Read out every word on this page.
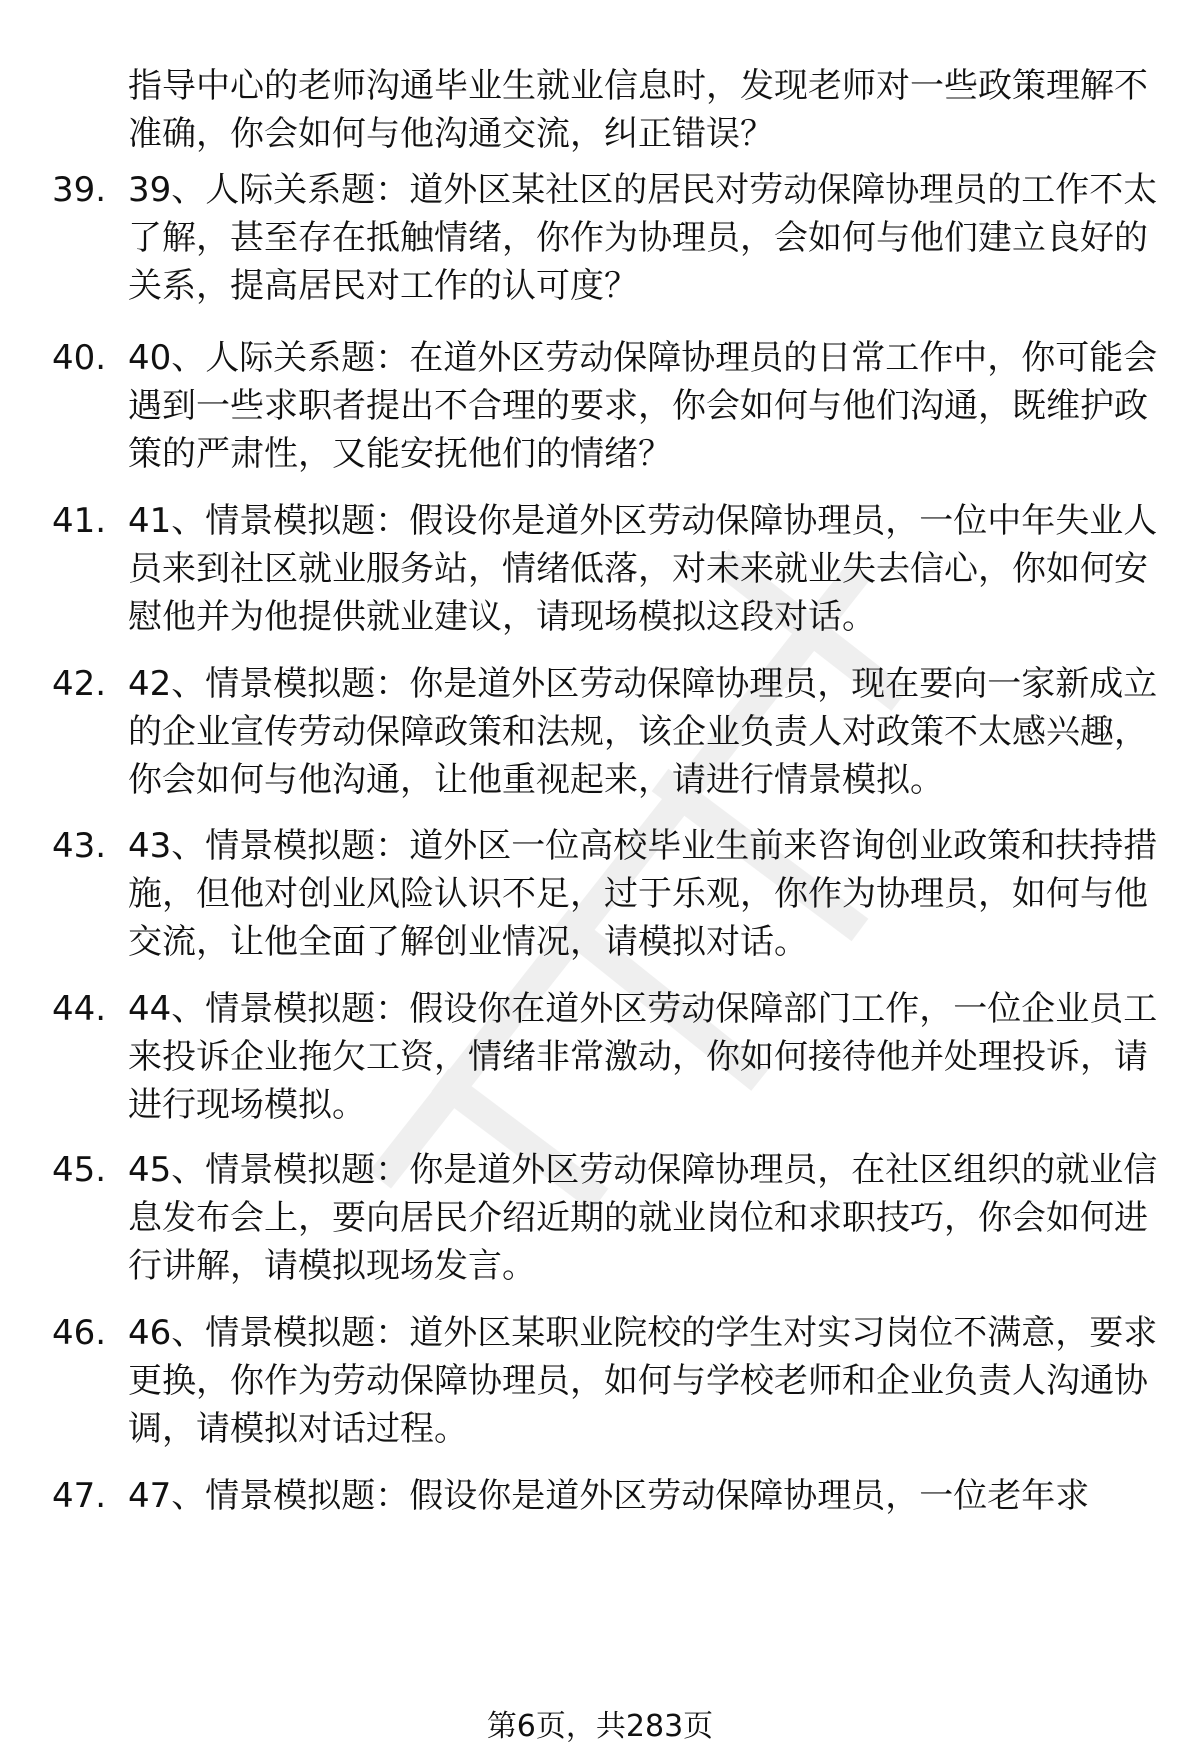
指导中心的老师沟通毕业生就业信息时，发现老师对一些政策理解不准确，你会如何与他沟通交流，纠正错误？
39. 39、人际关系题：道外区某社区的居民对劳动保障协理员的工作不太了解，甚至存在抵触情绪，你作为协理员，会如何与他们建立良好的关系，提高居民对工作的认可度？
40. 40、人际关系题：在道外区劳动保障协理员的日常工作中，你可能会遇到一些求职者提出不合理的要求，你会如何与他们沟通，既维护政策的严肃性，又能安抚他们的情绪？
41. 41、情景模拟题：假设你是道外区劳动保障协理员，一位中年失业人员来到社区就业服务站，情绪低落，对未来就业失去信心，你如何安慰他并为他提供就业建议，请现场模拟这段对话。
42. 42、情景模拟题：你是道外区劳动保障协理员，现在要向一家新成立的企业宣传劳动保障政策和法规，该企业负责人对政策不太感兴趣，你会如何与他沟通，让他重视起来，请进行情景模拟。
43. 43、情景模拟题：道外区一位高校毕业生前来咨询创业政策和扶持措施，但他对创业风险认识不足，过于乐观，你作为协理员，如何与他交流，让他全面了解创业情况，请模拟对话。
44. 44、情景模拟题：假设你在道外区劳动保障部门工作，一位企业员工来投诉企业拖欠工资，情绪非常激动，你如何接待他并处理投诉，请进行现场模拟。
45. 45、情景模拟题：你是道外区劳动保障协理员，在社区组织的就业信息发布会上，要向居民介绍近期的就业岗位和求职技巧，你会如何进行讲解，请模拟现场发言。
46. 46、情景模拟题：道外区某职业院校的学生对实习岗位不满意，要求更换，你作为劳动保障协理员，如何与学校老师和企业负责人沟通协调，请模拟对话过程。
47. 47、情景模拟题：假设你是道外区劳动保障协理员，一位老年求
第6页，共283页
